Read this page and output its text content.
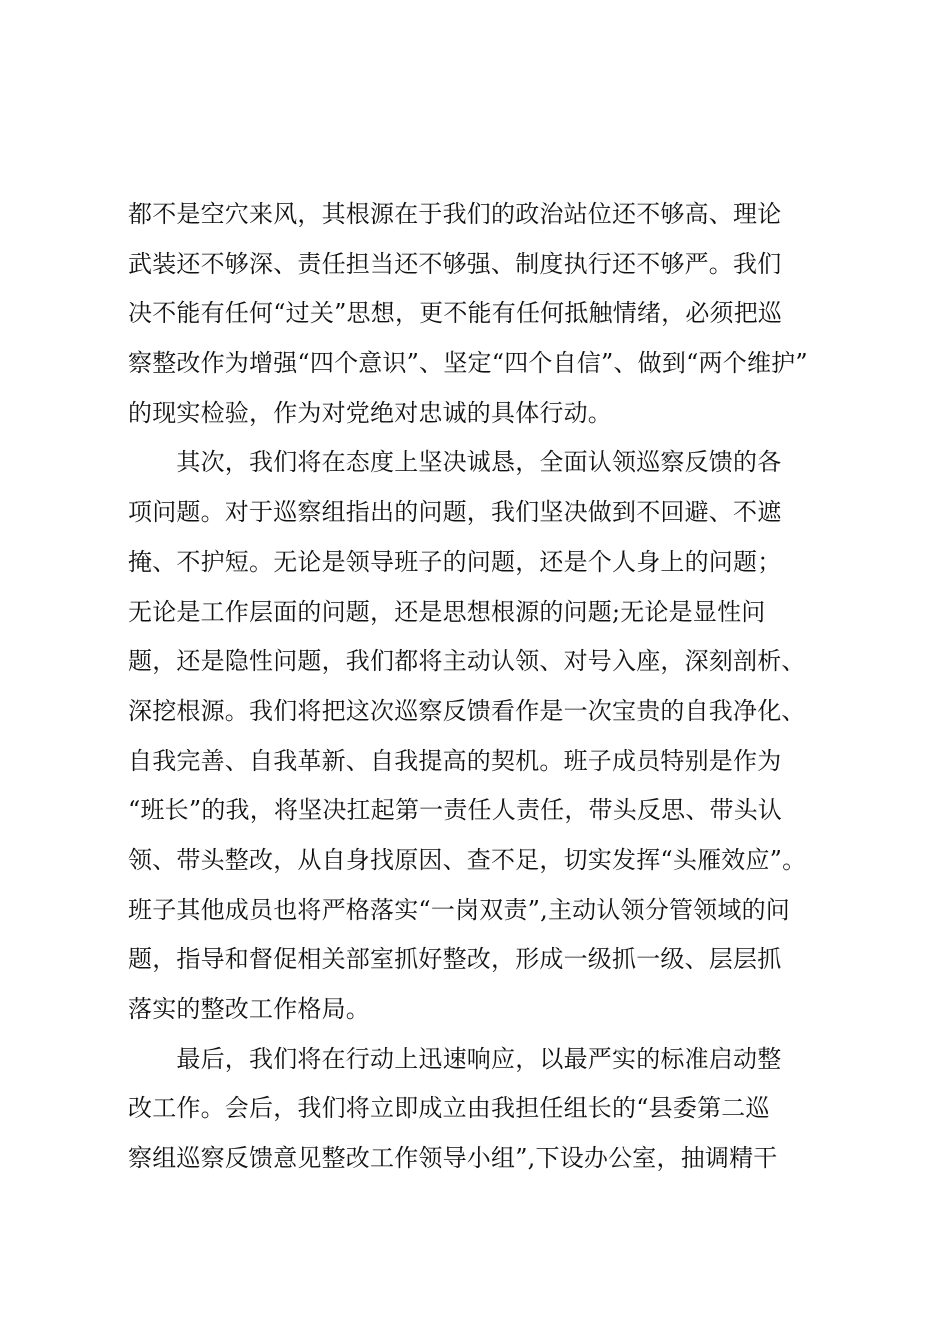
都不是空穴来风，其根源在于我们的政治站位还不够高、理论
武装还不够深、责任担当还不够强、制度执行还不够严。我们
决不能有任何“过关”思想，更不能有任何抵触情绪，必须把巡
察整改作为增强“四个意识”、坚定“四个自信”、做到“两个维护”
的现实检验，作为对党绝对忠诚的具体行动。
　　其次，我们将在态度上坚决诚恳，全面认领巡察反馈的各
项问题。对于巡察组指出的问题，我们坚决做到不回避、不遮
掩、不护短。无论是领导班子的问题，还是个人身上的问题；
无论是工作层面的问题，还是思想根源的问题;无论是显性问
题，还是隐性问题，我们都将主动认领、对号入座，深刻剖析、
深挖根源。我们将把这次巡察反馈看作是一次宝贵的自我净化、
自我完善、自我革新、自我提高的契机。班子成员特别是作为
“班长”的我，将坚决扛起第一责任人责任，带头反思、带头认
领、带头整改，从自身找原因、查不足，切实发挥“头雁效应”。
班子其他成员也将严格落实“一岗双责”,主动认领分管领域的问
题，指导和督促相关部室抓好整改，形成一级抓一级、层层抓
落实的整改工作格局。
　　最后，我们将在行动上迅速响应，以最严实的标准启动整
改工作。会后，我们将立即成立由我担任组长的“县委第二巡
察组巡察反馈意见整改工作领导小组”,下设办公室，抽调精干
